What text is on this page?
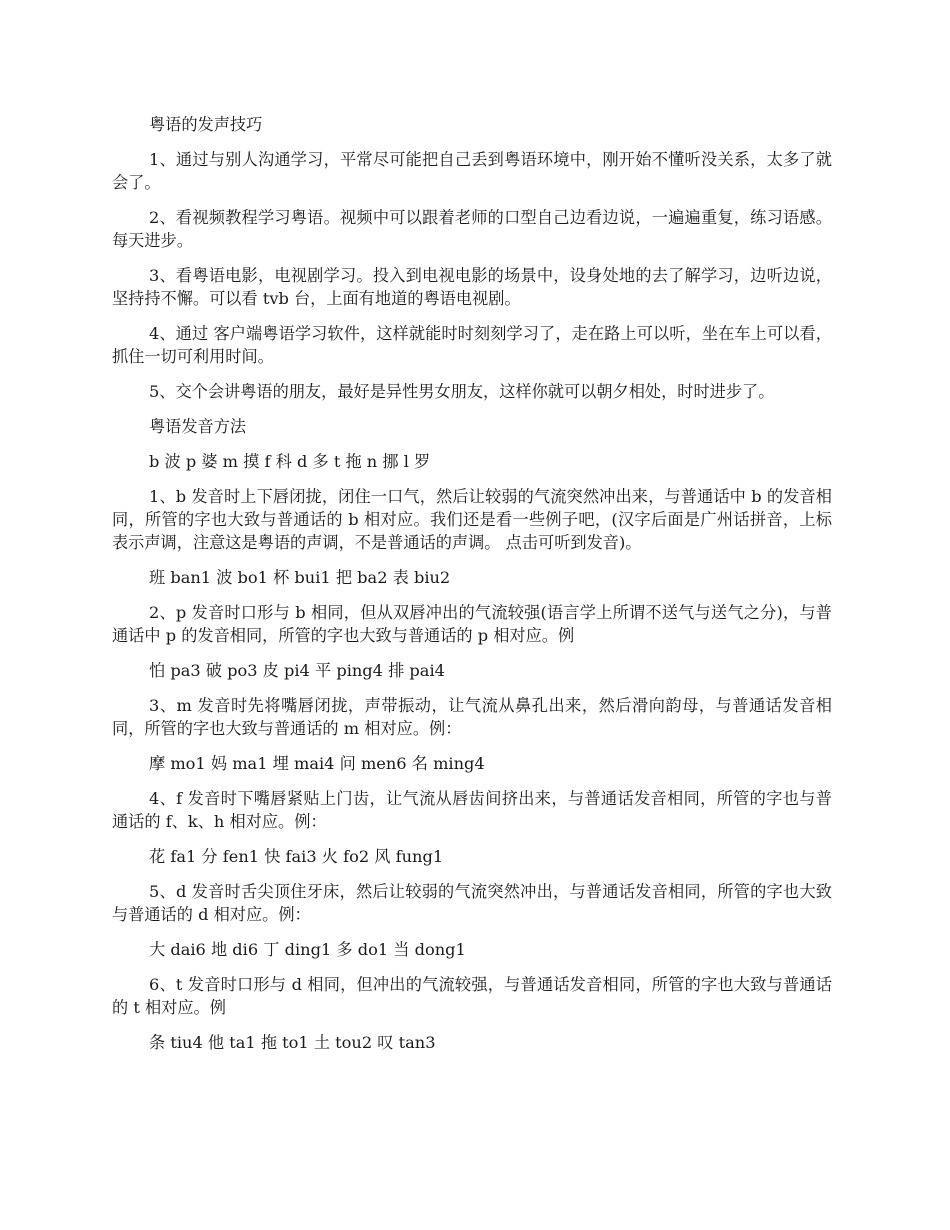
粤语的发声技巧

1、通过与别人沟通学习，平常尽可能把自己丢到粤语环境中，刚开始不懂听没关系，太多了就会了。

2、看视频教程学习粤语。视频中可以跟着老师的口型自己边看边说，一遍遍重复，练习语感。每天进步。

3、看粤语电影，电视剧学习。投入到电视电影的场景中，设身处地的去了解学习，边听边说，坚持持不懈。可以看 tvb 台，上面有地道的粤语电视剧。

4、通过 客户端粤语学习软件，这样就能时时刻刻学习了，走在路上可以听，坐在车上可以看，抓住一切可利用时间。

5、交个会讲粤语的朋友，最好是异性男女朋友，这样你就可以朝夕相处，时时进步了。

粤语发音方法

b 波 p 婆 m 摸 f 科 d 多 t 拖 n 挪 l 罗

1、b 发音时上下唇闭拢，闭住一口气，然后让较弱的气流突然冲出来，与普通话中 b 的发音相同，所管的字也大致与普通话的 b 相对应。我们还是看一些例子吧，(汉字后面是广州话拼音，上标表示声调，注意这是粤语的声调，不是普通话的声调。 点击可听到发音)。

班 ban1 波 bo1 杯 bui1 把 ba2 表 biu2

2、p 发音时口形与 b 相同，但从双唇冲出的气流较强(语言学上所谓不送气与送气之分)，与普通话中 p 的发音相同，所管的字也大致与普通话的 p 相对应。例

怕 pa3 破 po3 皮 pi4 平 ping4 排 pai4

3、m 发音时先将嘴唇闭拢，声带振动，让气流从鼻孔出来，然后滑向韵母，与普通话发音相同，所管的字也大致与普通话的 m 相对应。例：

摩 mo1 妈 ma1 埋 mai4 问 men6 名 ming4

4、f 发音时下嘴唇紧贴上门齿，让气流从唇齿间挤出来，与普通话发音相同，所管的字也与普通话的 f、k、h 相对应。例：

花 fa1 分 fen1 快 fai3 火 fo2 风 fung1

5、d 发音时舌尖顶住牙床，然后让较弱的气流突然冲出，与普通话发音相同，所管的字也大致与普通话的 d 相对应。例：

大 dai6 地 di6 丁 ding1 多 do1 当 dong1

6、t 发音时口形与 d 相同，但冲出的气流较强，与普通话发音相同，所管的字也大致与普通话的 t 相对应。例

条 tiu4 他 ta1 拖 to1 土 tou2 叹 tan3
